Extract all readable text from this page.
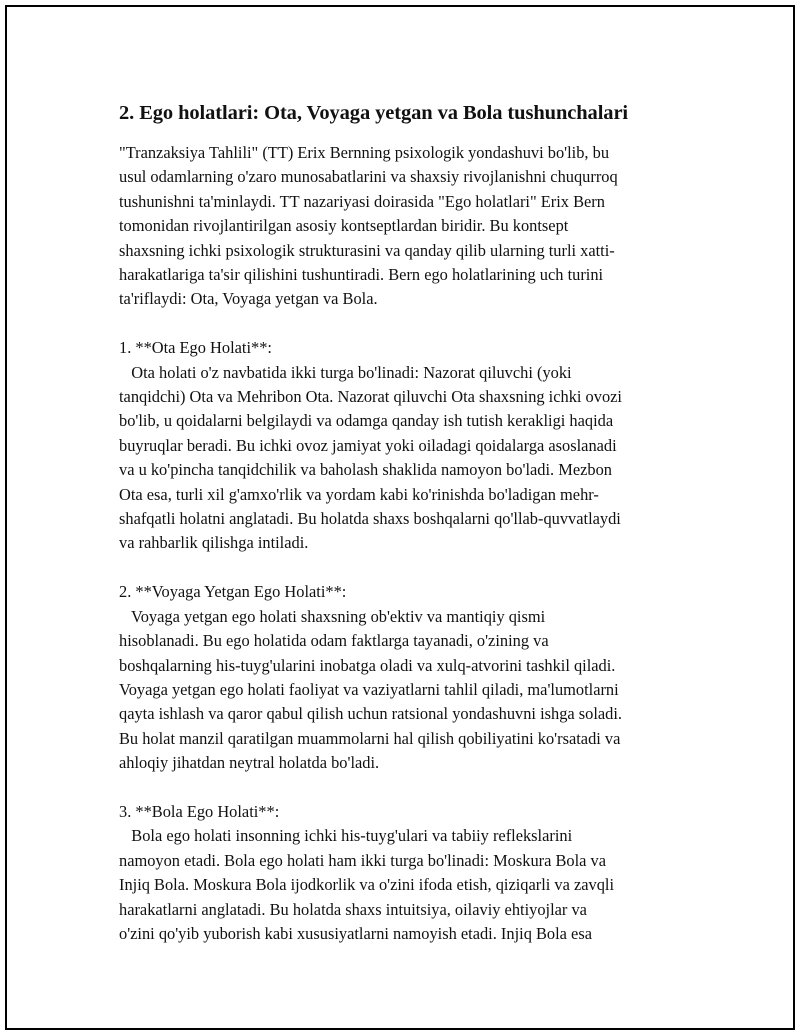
2. Ego holatlari: Ota, Voyaga yetgan va Bola tushunchalari

"Tranzaksiya Tahlili" (TT) Erix Bernning psixologik yondashuvi bo'lib, bu
usul odamlarning o'zaro munosabatlarini va shaxsiy rivojlanishni chuqurroq
tushunishni ta'minlaydi. TT nazariyasi doirasida "Ego holatlari" Erix Bern
tomonidan rivojlantirilgan asosiy kontseptlardan biridir. Bu kontsept
shaxsning ichki psixologik strukturasini va qanday qilib ularning turli xatti-
harakatlariga ta'sir qilishini tushuntiradi. Bern ego holatlarining uch turini
ta'riflaydi: Ota, Voyaga yetgan va Bola.

1. **Ota Ego Holati**:
Ota holati o'z navbatida ikki turga bo'linadi: Nazorat qiluvchi (yoki
tanqidchi) Ota va Mehribon Ota. Nazorat qiluvchi Ota shaxsning ichki ovozi
bo'lib, u qoidalarni belgilaydi va odamga qanday ish tutish kerakligi haqida
buyruqlar beradi. Bu ichki ovoz jamiyat yoki oiladagi qoidalarga asoslanadi
va u ko'pincha tanqidchilik va baholash shaklida namoyon bo'ladi. Mezbon
Ota esa, turli xil g'amxo'rlik va yordam kabi ko'rinishda bo'ladigan mehr-
shafqatli holatni anglatadi. Bu holatda shaxs boshqalarni qo'llab-quvvatlaydi
va rahbarlik qilishga intiladi.

2. **Voyaga Yetgan Ego Holati**:
Voyaga yetgan ego holati shaxsning ob'ektiv va mantiqiy qismi
hisoblanadi. Bu ego holatida odam faktlarga tayanadi, o'zining va
boshqalarning his-tuyg'ularini inobatga oladi va xulq-atvorini tashkil qiladi.
Voyaga yetgan ego holati faoliyat va vaziyatlarni tahlil qiladi, ma'lumotlarni
qayta ishlash va qaror qabul qilish uchun ratsional yondashuvni ishga soladi.
Bu holat manzil qaratilgan muammolarni hal qilish qobiliyatini ko'rsatadi va
ahloqiy jihatdan neytral holatda bo'ladi.

3. **Bola Ego Holati**:
Bola ego holati insonning ichki his-tuyg'ulari va tabiiy reflekslarini
namoyon etadi. Bola ego holati ham ikki turga bo'linadi: Moskura Bola va
Injiq Bola. Moskura Bola ijodkorlik va o'zini ifoda etish, qiziqarli va zavqli
harakatlarni anglatadi. Bu holatda shaxs intuitsiya, oilaviy ehtiyojlar va
o'zini qo'yib yuborish kabi xususiyatlarni namoyish etadi. Injiq Bola esa
